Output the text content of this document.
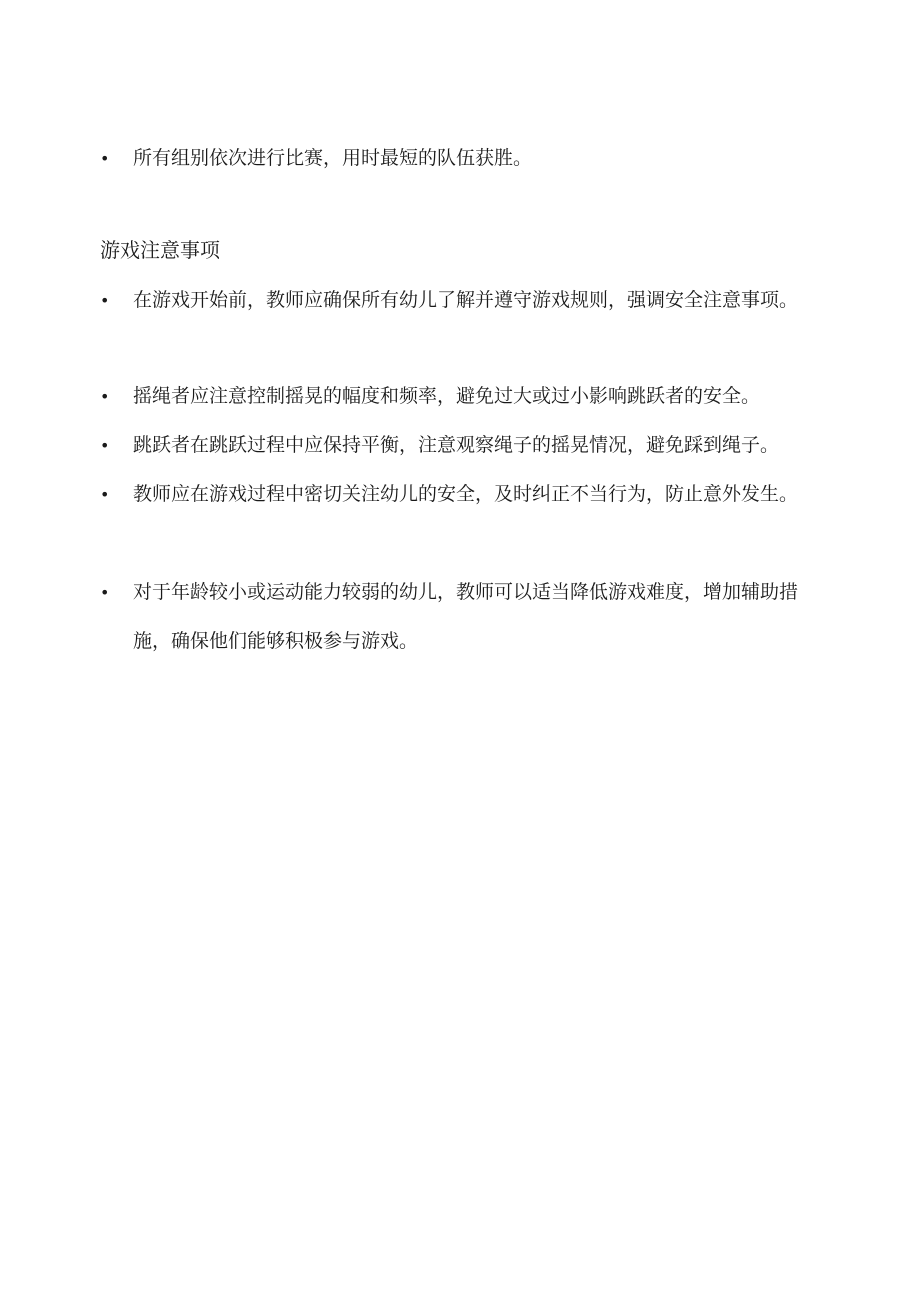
•	所有组别依次进行比赛，用时最短的队伍获胜。
游戏注意事项
•	在游戏开始前，教师应确保所有幼儿了解并遵守游戏规则，强调安全注意事项。
•	摇绳者应注意控制摇晃的幅度和频率，避免过大或过小影响跳跃者的安全。
•	跳跃者在跳跃过程中应保持平衡，注意观察绳子的摇晃情况，避免踩到绳子。
•	教师应在游戏过程中密切关注幼儿的安全，及时纠正不当行为，防止意外发生。
•	对于年龄较小或运动能力较弱的幼儿，教师可以适当降低游戏难度，增加辅助措施，确保他们能够积极参与游戏。
